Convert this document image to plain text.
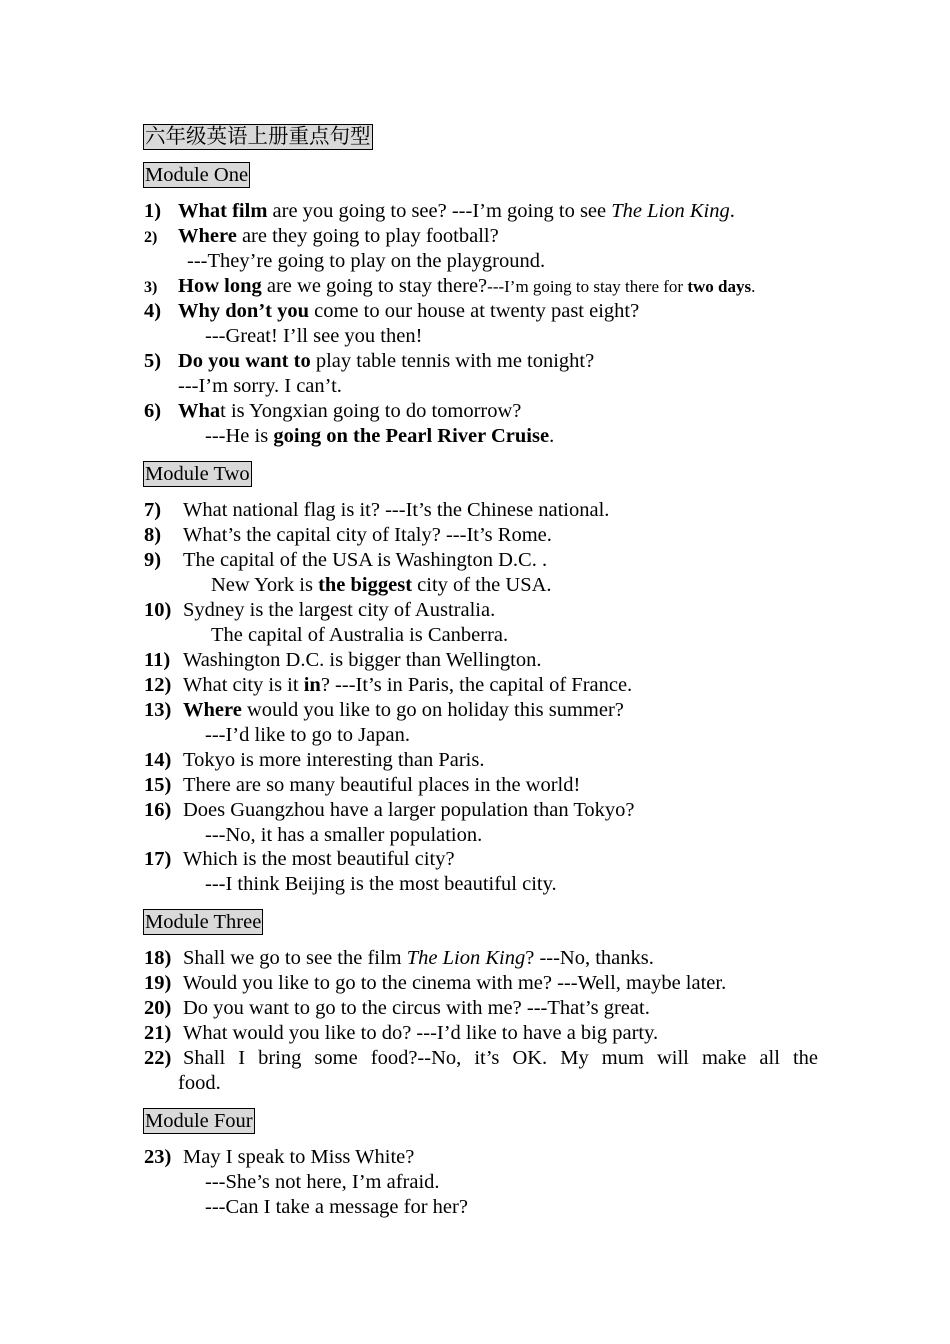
六年级英语上册重点句型
Module One
1) What film are you going to see? ---I’m going to see The Lion King.
2) Where are they going to play football?
---They’re going to play on the playground.
3) How long are we going to stay there?---I’m going to stay there for two days.
4) Why don’t you come to our house at twenty past eight?
---Great! I’ll see you then!
5) Do you want to play table tennis with me tonight?
---I’m sorry. I can’t.
6) What is Yongxian going to do tomorrow?
---He is going on the Pearl River Cruise.
Module Two
7) What national flag is it? ---It’s the Chinese national.
8) What’s the capital city of Italy? ---It’s Rome.
9) The capital of the USA is Washington D.C. .
New York is the biggest city of the USA.
10) Sydney is the largest city of Australia.
The capital of Australia is Canberra.
11) Washington D.C. is bigger than Wellington.
12) What city is it in? ---It’s in Paris, the capital of France.
13) Where would you like to go on holiday this summer?
---I’d like to go to Japan.
14) Tokyo is more interesting than Paris.
15) There are so many beautiful places in the world!
16) Does Guangzhou have a larger population than Tokyo?
---No, it has a smaller population.
17) Which is the most beautiful city?
---I think Beijing is the most beautiful city.
Module Three
18) Shall we go to see the film The Lion King? ---No, thanks.
19) Would you like to go to the cinema with me? ---Well, maybe later.
20) Do you want to go to the circus with me? ---That’s great.
21) What would you like to do? ---I’d like to have a big party.
22) Shall I bring some food?--No, it’s OK. My mum will make all the
food.
Module Four
23) May I speak to Miss White?
---She’s not here, I’m afraid.
---Can I take a message for her?
